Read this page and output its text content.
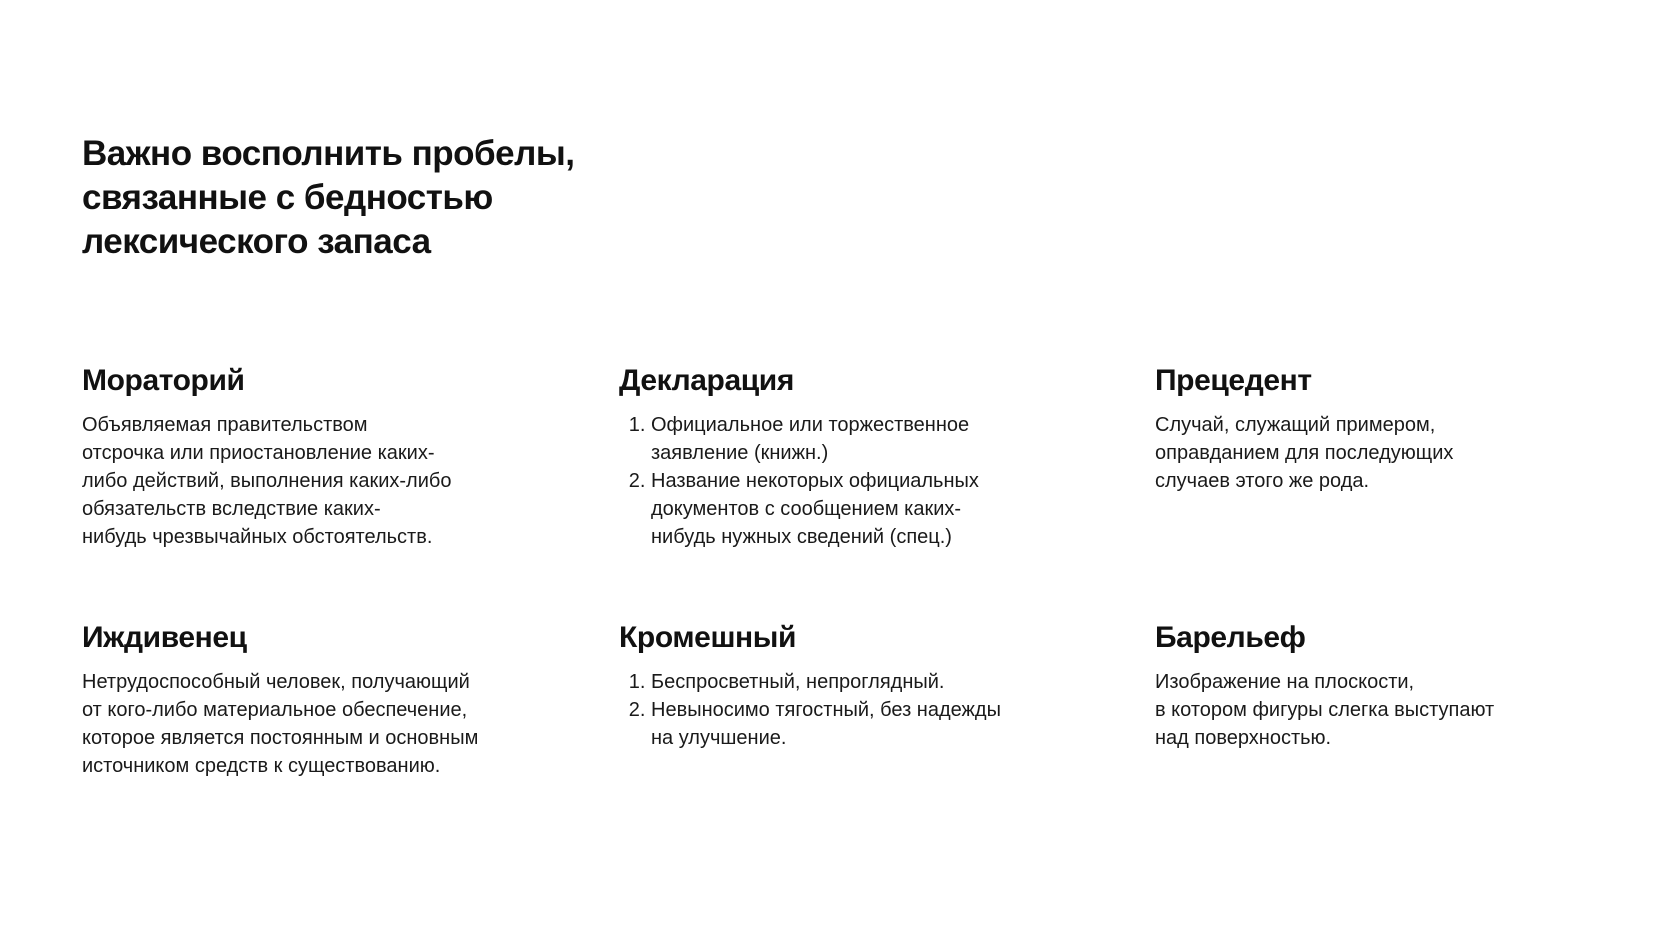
Важно восполнить пробелы,
связанные с бедностью
лексического запаса
Мораторий

Объявляемая правительством
отсрочка или приостановление каких-
либо действий, выполнения каких-либо
обязательств вследствие каких-
нибудь чрезвычайных обстоятельств.

Декларация
1. Официальное или торжественное
заявление (книжн.)
2. Название некоторых официальных
документов с сообщением каких-
нибудь нужных сведений (спец.)
Прецедент

Случай, служащий примером,
оправданием для последующих
случаев этого же рода.

Иждивенец

Нетрудоспособный человек, получающий
от кого-либо материальное обеспечение,
которое является постоянным и основным
источником средств к существованию.

Кромешный
1. Беспросветный, непроглядный.
2. Невыносимо тягостный, без надежды
на улучшение.
Барельеф

Изображение на плоскости,
в котором фигуры слегка выступают
над поверхностью.
